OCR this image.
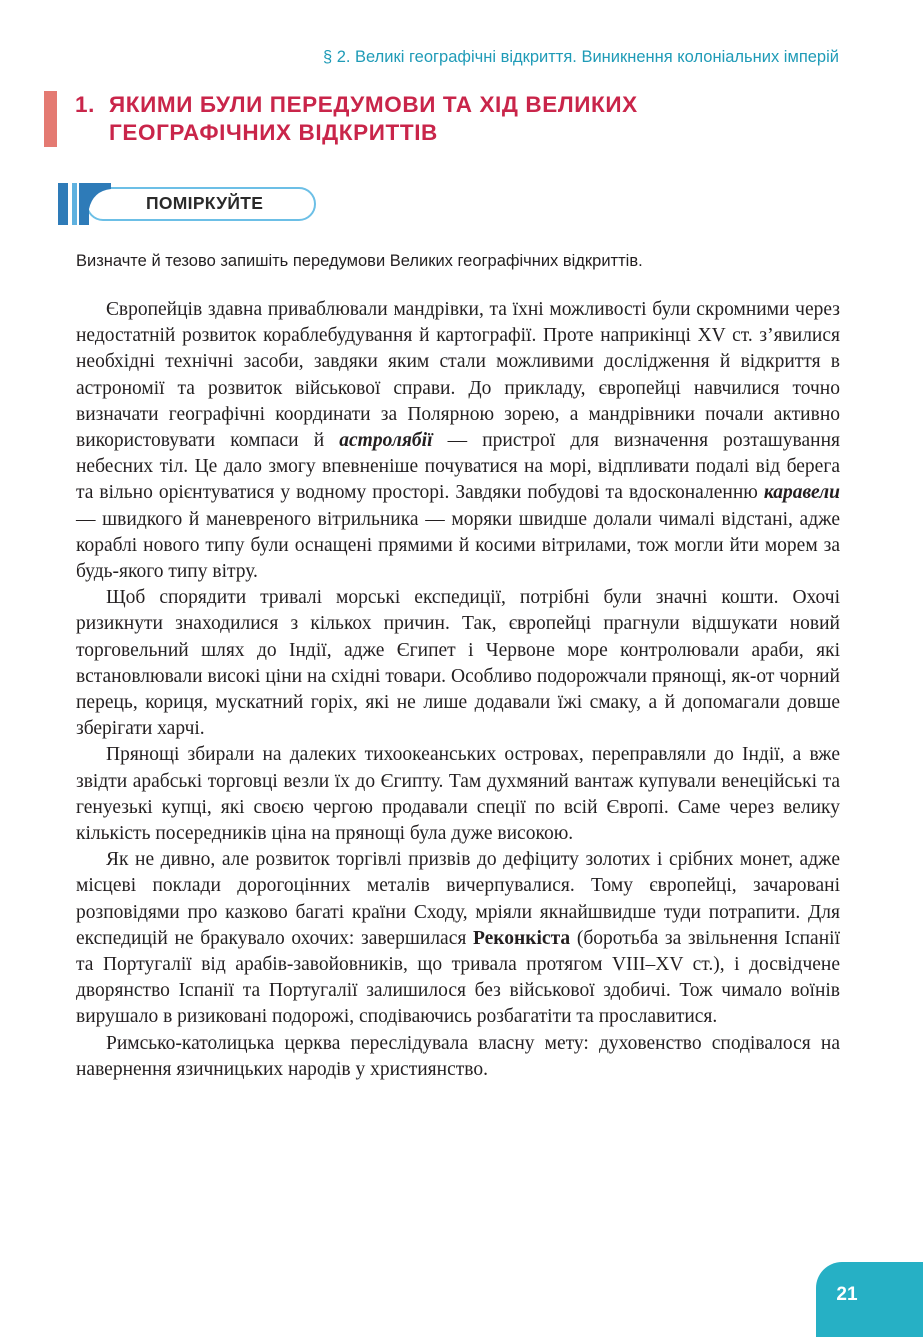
§ 2. Великі географічні відкриття. Виникнення колоніальних імперій
1. ЯКИМИ БУЛИ ПЕРЕДУМОВИ ТА ХІД ВЕЛИКИХ
ГЕОГРАФІЧНИХ ВІДКРИТТІВ
ПОМІРКУЙТЕ
Визначте й тезово запишіть передумови Великих географічних відкриттів.

Європейців здавна приваблювали мандрівки, та їхні можливості були скромними через недостатній розвиток кораблебудування й картографії. Проте наприкінці XV ст. з’явилися необхідні технічні засоби, завдяки яким стали можливими дослідження й відкриття в астрономії та розвиток військової справи. До прикладу, європейці навчилися точно визначати географічні координати за Полярною зорею, а мандрівники почали активно використовувати компаси й астролябії — пристрої для визначення розташування небесних тіл. Це дало змогу впевненіше почуватися на морі, відпливати подалі від берега та вільно орієнтуватися у водному просторі. Завдяки побудові та вдосконаленню каравели — швидкого й маневреного вітрильника — моряки швидше долали чималі відстані, адже кораблі нового типу були оснащені прямими й косими вітрилами, тож могли йти морем за будь-якого типу вітру.

Щоб спорядити тривалі морські експедиції, потрібні були значні кошти. Охочі ризикнути знаходилися з кількох причин. Так, європейці прагнули відшукати новий торговельний шлях до Індії, адже Єгипет і Червоне море контролювали араби, які встановлювали високі ціни на східні товари. Особливо подорожчали прянощі, як-от чорний перець, кориця, мускатний горіх, які не лише додавали їжі смаку, а й допомагали довше зберігати харчі.

Прянощі збирали на далеких тихоокеанських островах, переправляли до Індії, а вже звідти арабські торговці везли їх до Єгипту. Там духмяний вантаж купували венеційські та генуезькі купці, які своєю чергою продавали спеції по всій Європі. Саме через велику кількість посередників ціна на прянощі була дуже високою.

Як не дивно, але розвиток торгівлі призвів до дефіциту золотих і срібних монет, адже місцеві поклади дорогоцінних металів вичерпувалися. Тому європейці, зачаровані розповідями про казково багаті країни Сходу, мріяли якнайшвидше туди потрапити. Для експедицій не бракувало охочих: завершилася Реконкіста (боротьба за звільнення Іспанії та Португалії від арабів-завойовників, що тривала протягом VIII–XV ст.), і досвідчене дворянство Іспанії та Португалії залишилося без військової здобичі. Тож чимало воїнів вирушало в ризиковані подорожі, сподіваючись розбагатіти та прославитися.

Римсько-католицька церква переслідувала власну мету: духовенство сподівалося на навернення язичницьких народів у християнство.

21
